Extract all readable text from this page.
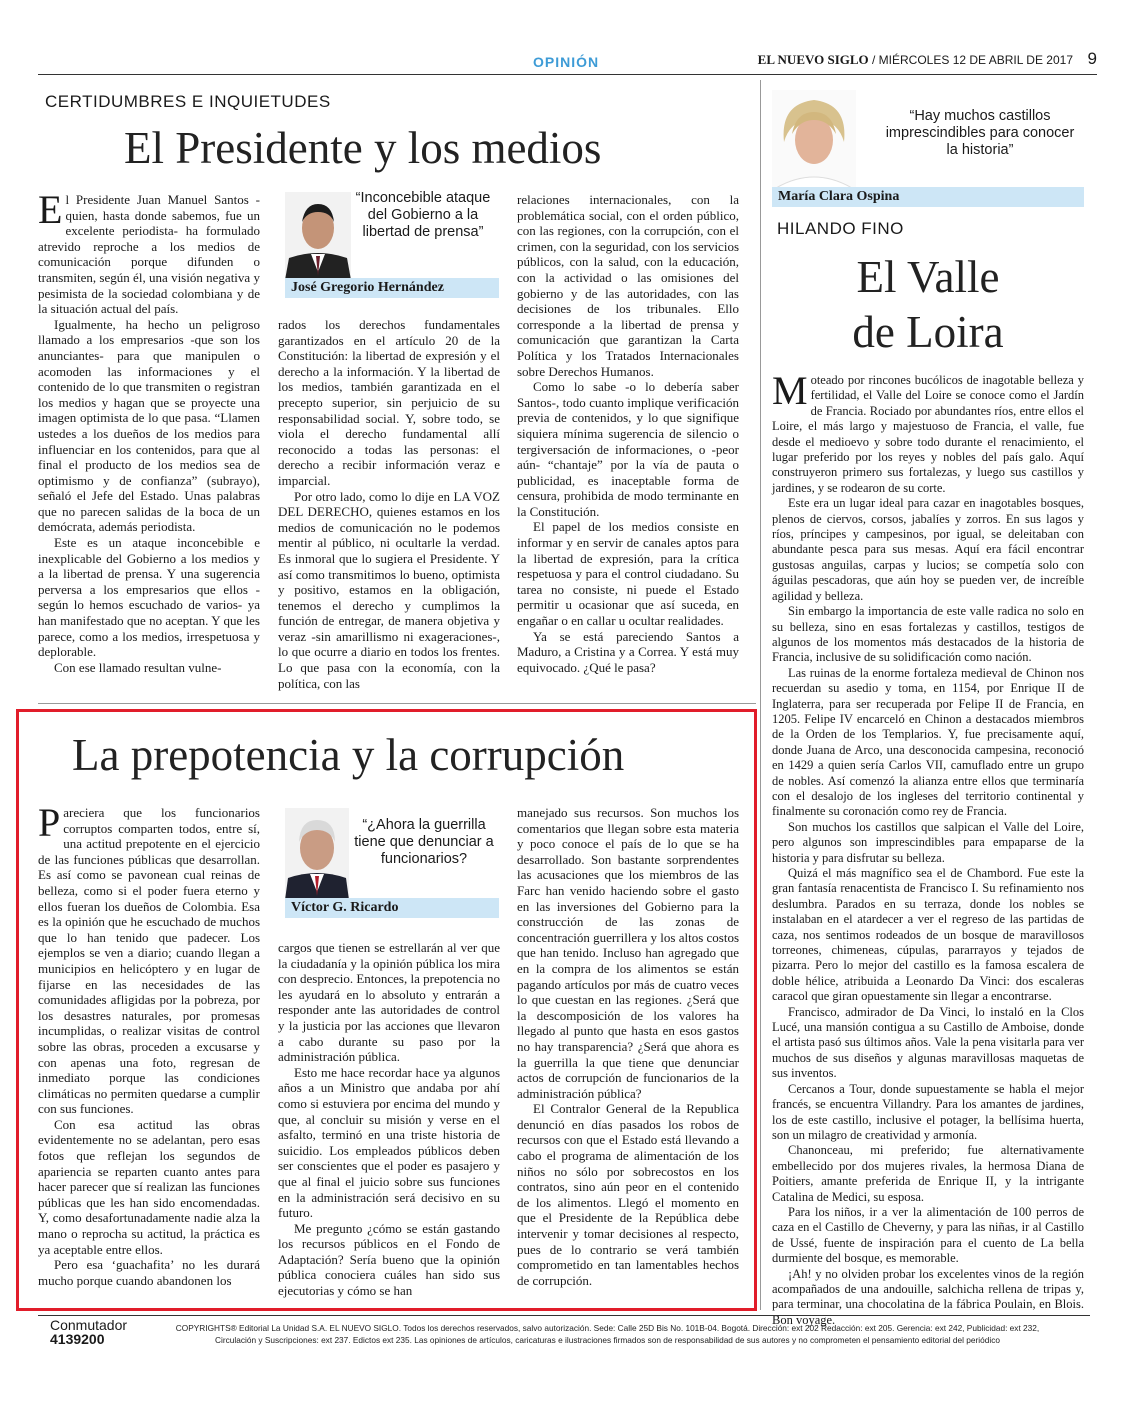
OPINIÓN	EL NUEVO SIGLO / MIÉRCOLES 12 DE ABRIL DE 2017 9
CERTIDUMBRES E INQUIETUDES
El Presidente y los medios

El Presidente Juan Manuel Santos -quien, hasta donde sabemos, fue un excelente periodista- ha formulado atrevido reproche a los medios de comunicación porque difunden o transmiten, según él, una visión negativa y pesimista de la sociedad colombiana y de la situación actual del país.

Igualmente, ha hecho un peligroso llamado a los empresarios -que son los anunciantes- para que manipulen o acomoden las informaciones y el contenido de lo que transmiten o registran los medios y hagan que se proyecte una imagen optimista de lo que pasa. “Llamen ustedes a los dueños de los medios para influenciar en los contenidos, para que al final el producto de los medios sea de optimismo y de confianza” (subrayo), señaló el Jefe del Estado. Unas palabras que no parecen salidas de la boca de un demócrata, además periodista.

Este es un ataque inconcebible e inexplicable del Gobierno a los medios y a la libertad de prensa. Y una sugerencia perversa a los empresarios que ellos -según lo hemos escuchado de varios- ya han manifestado que no aceptan. Y que les parece, como a los medios, irrespetuosa y deplorable.

Con ese llamado resultan vulne-

“Inconcebible ataque del Gobierno a la libertad de prensa”
José Gregorio Hernández

rados los derechos fundamentales garantizados en el artículo 20 de la Constitución: la libertad de expresión y el derecho a la información. Y la libertad de los medios, también garantizada en el precepto superior, sin perjuicio de su responsabilidad social. Y, sobre todo, se viola el derecho fundamental allí reconocido a todas las personas: el derecho a recibir información veraz e imparcial.

Por otro lado, como lo dije en LA VOZ DEL DERECHO, quienes estamos en los medios de comunicación no le podemos mentir al público, ni ocultarle la verdad. Es inmoral que lo sugiera el Presidente. Y así como transmitimos lo bueno, optimista y positivo, estamos en la obligación, tenemos el derecho y cumplimos la función de entregar, de manera objetiva y veraz -sin amarillismo ni exageraciones-, lo que ocurre a diario en todos los frentes. Lo que pasa con la economía, con la política, con las

relaciones internacionales, con la problemática social, con el orden público, con las regiones, con la corrupción, con el crimen, con la seguridad, con los servicios públicos, con la salud, con la educación, con la actividad o las omisiones del gobierno y de las autoridades, con las decisiones de los tribunales. Ello corresponde a la libertad de prensa y comunicación que garantizan la Carta Política y los Tratados Internacionales sobre Derechos Humanos.

Como lo sabe -o lo debería saber Santos-, todo cuanto implique verificación previa de contenidos, y lo que signifique siquiera mínima sugerencia de silencio o tergiversación de informaciones, o -peor aún- “chantaje” por la vía de pauta o publicidad, es inaceptable forma de censura, prohibida de modo terminante en la Constitución.

El papel de los medios consiste en informar y en servir de canales aptos para la libertad de expresión, para la crítica respetuosa y para el control ciudadano. Su tarea no consiste, ni puede el Estado permitir u ocasionar que así suceda, en engañar o en callar u ocultar realidades.

Ya se está pareciendo Santos a Maduro, a Cristina y a Correa. Y está muy equivocado. ¿Qué le pasa?

La prepotencia y la corrupción

Pareciera que los funcionarios corruptos comparten todos, entre sí, una actitud prepotente en el ejercicio de las funciones públicas que desarrollan. Es así como se pavonean cual reinas de belleza, como si el poder fuera eterno y ellos fueran los dueños de Colombia. Esa es la opinión que he escuchado de muchos que lo han tenido que padecer. Los ejemplos se ven a diario; cuando llegan a municipios en helicóptero y en lugar de fijarse en las necesidades de las comunidades afligidas por la pobreza, por los desastres naturales, por promesas incumplidas, o realizar visitas de control sobre las obras, proceden a excusarse y con apenas una foto, regresan de inmediato porque las condiciones climáticas no permiten quedarse a cumplir con sus funciones.

Con esa actitud las obras evidentemente no se adelantan, pero esas fotos que reflejan los segundos de apariencia se reparten cuanto antes para hacer parecer que sí realizan las funciones públicas que les han sido encomendadas. Y, como desafortunadamente nadie alza la mano o reprocha su actitud, la práctica es ya aceptable entre ellos.

Pero esa ‘guachafita’ no les durará mucho porque cuando abandonen los

“¿Ahora la guerrilla tiene que denunciar a funcionarios?
Víctor G. Ricardo

cargos que tienen se estrellarán al ver que la ciudadanía y la opinión pública los mira con desprecio. Entonces, la prepotencia no les ayudará en lo absoluto y entrarán a responder ante las autoridades de control y la justicia por las acciones que llevaron a cabo durante su paso por la administración pública.

Esto me hace recordar hace ya algunos años a un Ministro que andaba por ahí como si estuviera por encima del mundo y que, al concluir su misión y verse en el asfalto, terminó en una triste historia de suicidio. Los empleados públicos deben ser conscientes que el poder es pasajero y que al final el juicio sobre sus funciones en la administración será decisivo en su futuro.

Me pregunto ¿cómo se están gastando los recursos públicos en el Fondo de Adaptación? Sería bueno que la opinión pública conociera cuáles han sido sus ejecutorias y cómo se han

manejado sus recursos. Son muchos los comentarios que llegan sobre esta materia y poco conoce el país de lo que se ha desarrollado. Son bastante sorprendentes las acusaciones que los miembros de las Farc han venido haciendo sobre el gasto en las inversiones del Gobierno para la construcción de las zonas de concentración guerrillera y los altos costos que han tenido. Incluso han agregado que en la compra de los alimentos se están pagando artículos por más de cuatro veces lo que cuestan en las regiones. ¿Será que la descomposición de los valores ha llegado al punto que hasta en esos gastos no hay transparencia? ¿Será que ahora es la guerrilla la que tiene que denunciar actos de corrupción de funcionarios de la administración pública?

El Contralor General de la Republica denunció en días pasados los robos de recursos con que el Estado está llevando a cabo el programa de alimentación de los niños no sólo por sobrecostos en los contratos, sino aún peor en el contenido de los alimentos. Llegó el momento en que el Presidente de la República debe intervenir y tomar decisiones al respecto, pues de lo contrario se verá también comprometido en tan lamentables hechos de corrupción.

“Hay muchos castillos imprescindibles para conocer la historia”
María Clara Ospina
HILANDO FINO
El Valle
de Loira

Moteado por rincones bucólicos de inagotable belleza y fertilidad, el Valle del Loire se conoce como el Jardín de Francia. Rociado por abundantes ríos, entre ellos el Loire, el más largo y majestuoso de Francia, el valle, fue desde el medioevo y sobre todo durante el renacimiento, el lugar preferido por los reyes y nobles del país galo. Aquí construyeron primero sus fortalezas, y luego sus castillos y jardines, y se rodearon de su corte.

Este era un lugar ideal para cazar en inagotables bosques, plenos de ciervos, corsos, jabalíes y zorros. En sus lagos y ríos, príncipes y campesinos, por igual, se deleitaban con abundante pesca para sus mesas. Aquí era fácil encontrar gustosas anguilas, carpas y lucios; se competía solo con águilas pescadoras, que aún hoy se pueden ver, de increíble agilidad y belleza.

Sin embargo la importancia de este valle radica no solo en su belleza, sino en esas fortalezas y castillos, testigos de algunos de los momentos más destacados de la historia de Francia, inclusive de su solidificación como nación.

Las ruinas de la enorme fortaleza medieval de Chinon nos recuerdan su asedio y toma, en 1154, por Enrique II de Inglaterra, para ser recuperada por Felipe II de Francia, en 1205. Felipe IV encarceló en Chinon a destacados miembros de la Orden de los Templarios. Y, fue precisamente aquí, donde Juana de Arco, una desconocida campesina, reconoció en 1429 a quien sería Carlos VII, camuflado entre un grupo de nobles. Así comenzó la alianza entre ellos que terminaría con el desalojo de los ingleses del territorio continental y finalmente su coronación como rey de Francia.

Son muchos los castillos que salpican el Valle del Loire, pero algunos son imprescindibles para empaparse de la historia y para disfrutar su belleza.

Quizá el más magnífico sea el de Chambord. Fue este la gran fantasía renacentista de Francisco I. Su refinamiento nos deslumbra. Parados en su terraza, donde los nobles se instalaban en el atardecer a ver el regreso de las partidas de caza, nos sentimos rodeados de un bosque de maravillosos torreones, chimeneas, cúpulas, pararrayos y tejados de pizarra. Pero lo mejor del castillo es la famosa escalera de doble hélice, atribuida a Leonardo Da Vinci: dos escaleras caracol que giran opuestamente sin llegar a encontrarse.

Francisco, admirador de Da Vinci, lo instaló en la Clos Lucé, una mansión contigua a su Castillo de Amboise, donde el artista pasó sus últimos años. Vale la pena visitarla para ver muchos de sus diseños y algunas maravillosas maquetas de sus inventos.

Cercanos a Tour, donde supuestamente se habla el mejor francés, se encuentra Villandry. Para los amantes de jardines, los de este castillo, inclusive el potager, la bellísima huerta, son un milagro de creatividad y armonía.

Chanonceau, mi preferido; fue alternativamente embellecido por dos mujeres rivales, la hermosa Diana de Poitiers, amante preferida de Enrique II, y la intrigante Catalina de Medici, su esposa.

Para los niños, ir a ver la alimentación de 100 perros de caza en el Castillo de Cheverny, y para las niñas, ir al Castillo de Ussé, fuente de inspiración para el cuento de La bella durmiente del bosque, es memorable.

¡Ah! y no olviden probar los excelentes vinos de la región acompañados de una andouille, salchicha rellena de tripas y, para terminar, una chocolatina de la fábrica Poulain, en Blois. Bon voyage.

Conmutador
4139200
COPYRIGHTS® Editorial La Unidad S.A. EL NUEVO SIGLO. Todos los derechos reservados, salvo autorización. Sede: Calle 25D Bis No. 101B-04. Bogotá. Dirección: ext 202 Redacción: ext 205. Gerencia: ext 242, Publicidad: ext 232,
Circulación y Suscripciones: ext 237. Edictos ext 235. Las opiniones de artículos, caricaturas e ilustraciones firmados son de responsabilidad de sus autores y no comprometen el pensamiento editorial del periódico
